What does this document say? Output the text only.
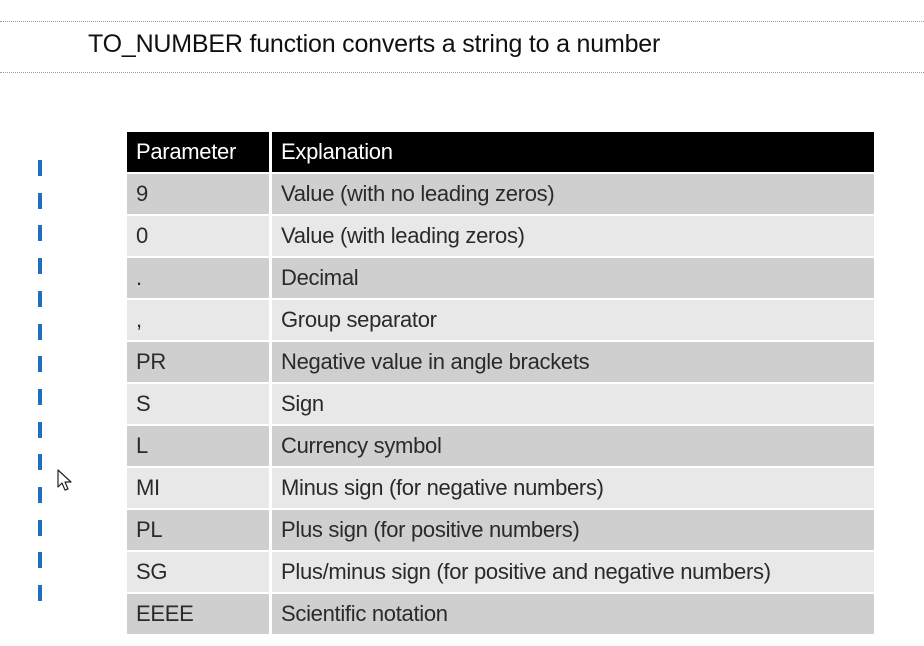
TO_NUMBER function converts a string to a number
Parameter	Explanation
9	Value (with no leading zeros)
0	Value (with leading zeros)
.	Decimal
,	Group separator
PR	Negative value in angle brackets
S	Sign
L	Currency symbol
MI	Minus sign (for negative numbers)
PL	Plus sign (for positive numbers)
SG	Plus/minus sign (for positive and negative numbers)
EEEE	Scientific notation
